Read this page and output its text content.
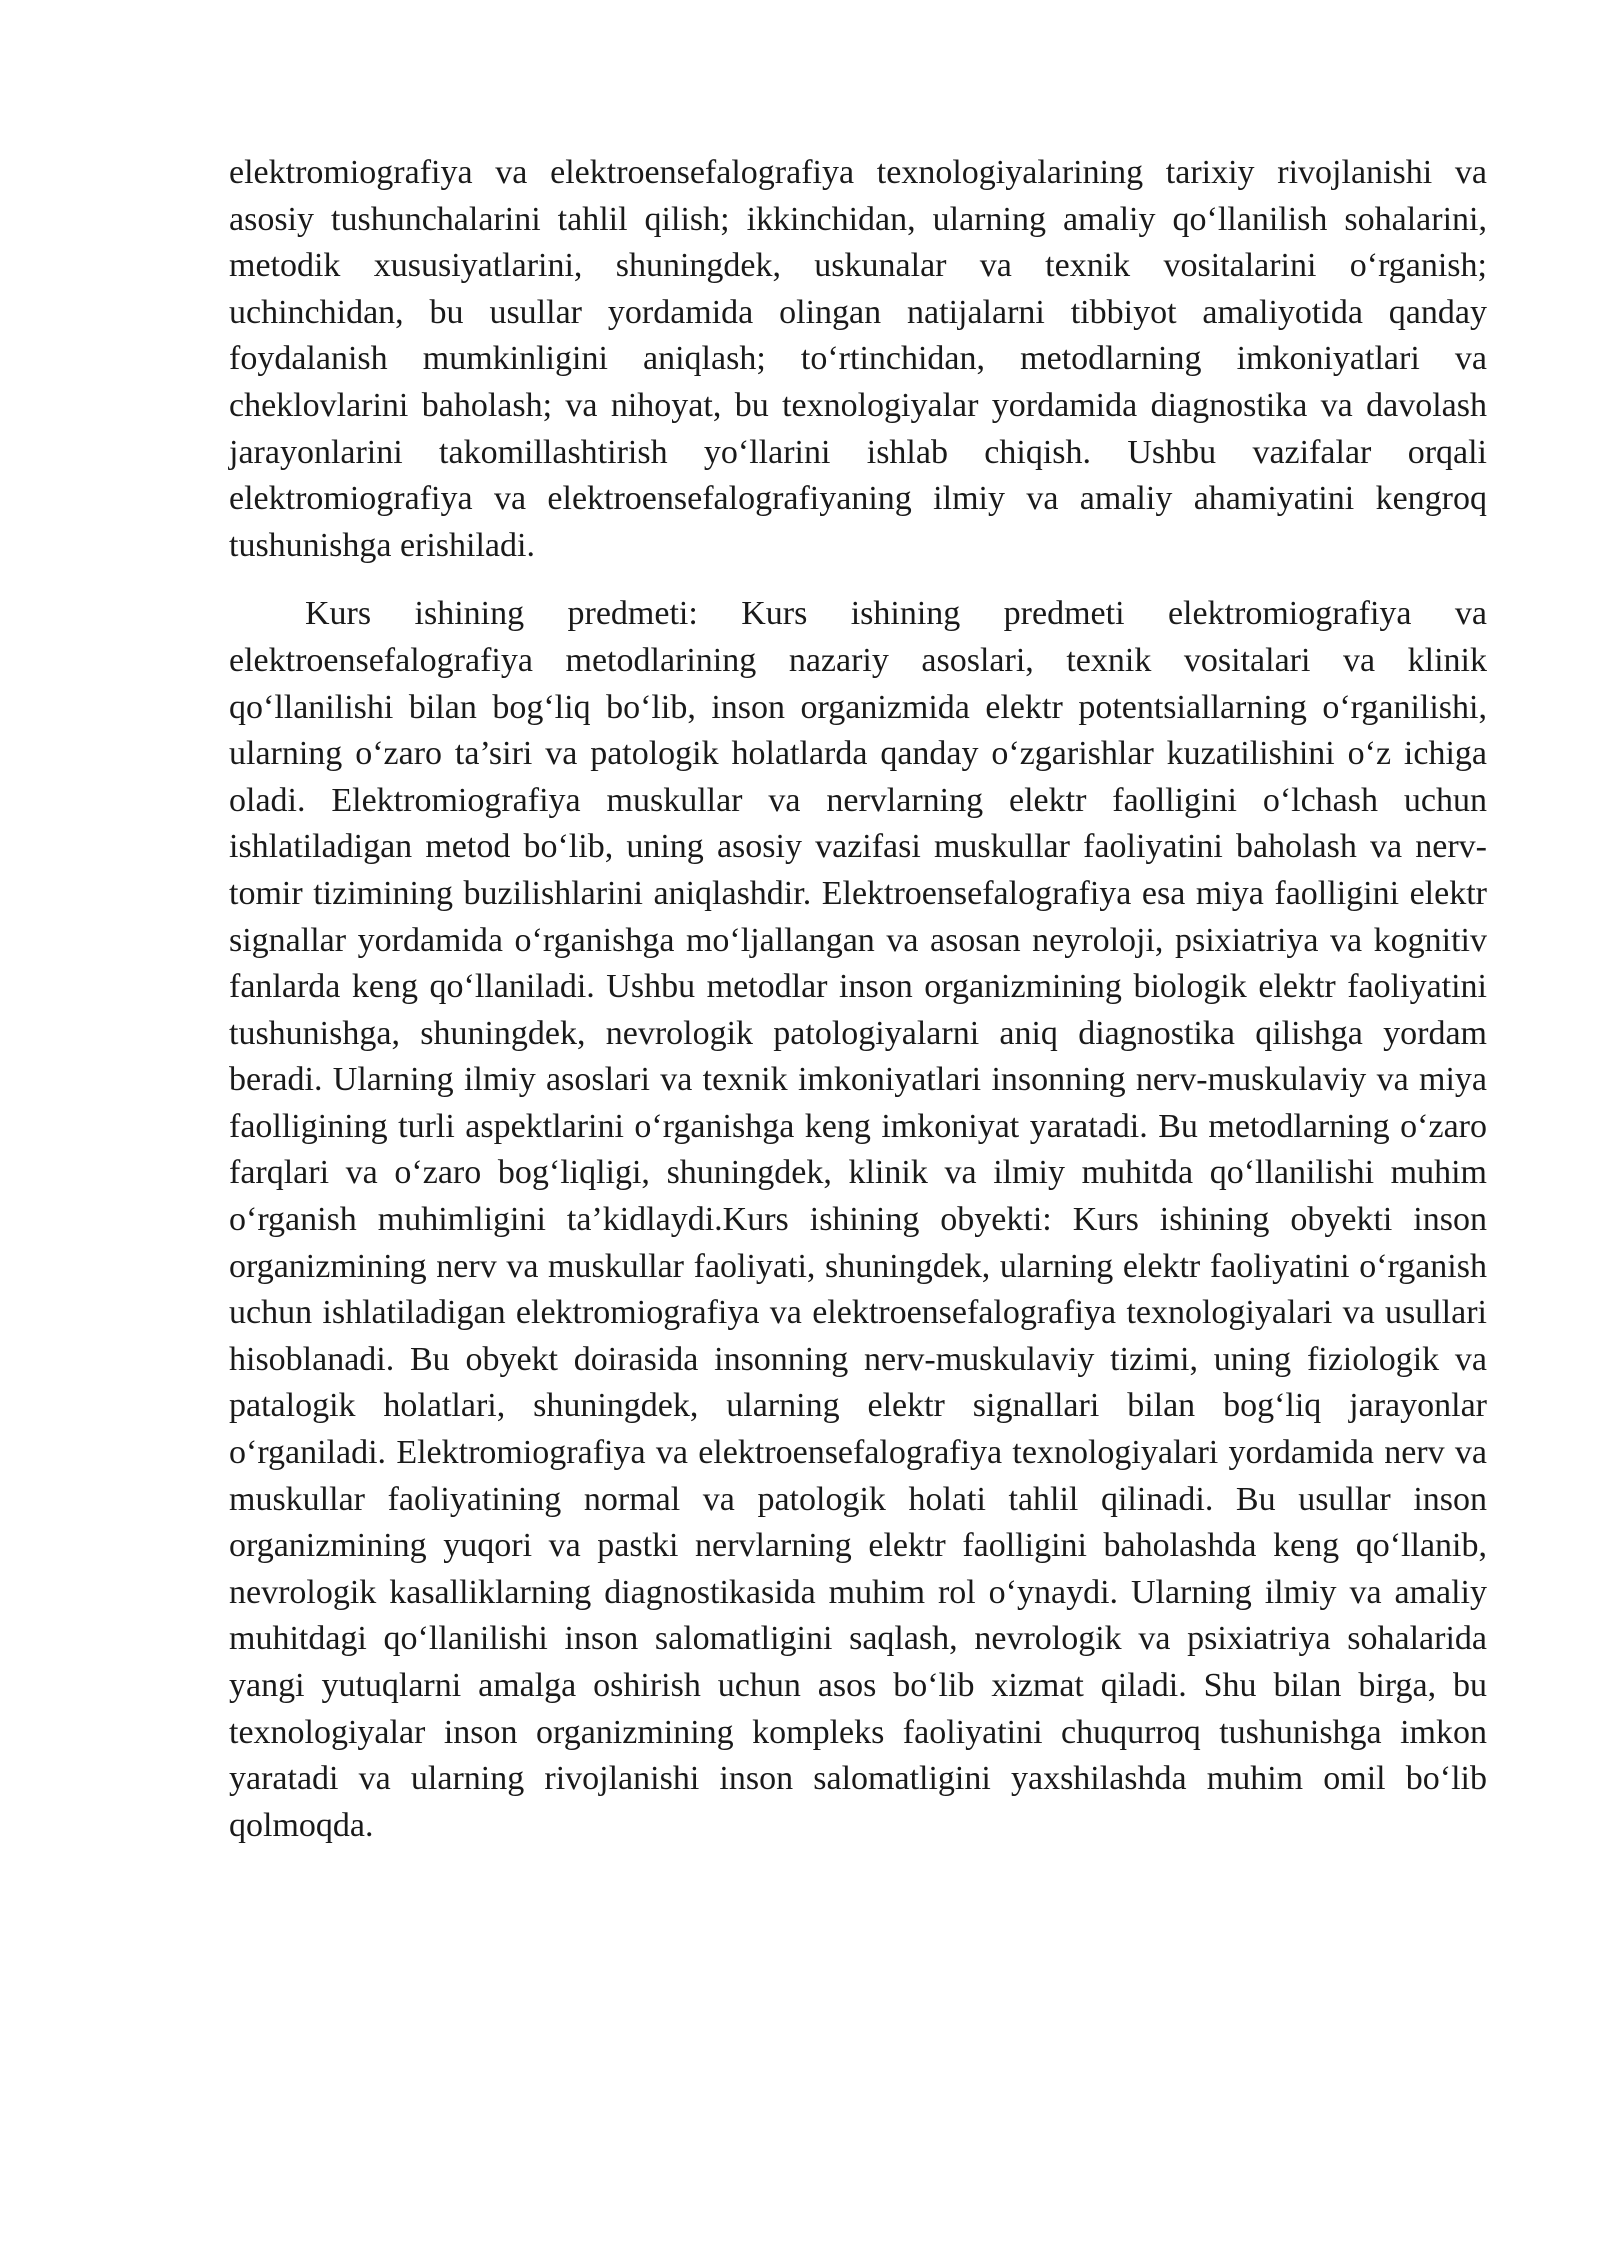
elektromiografiya va elektroensefalografiya texnologiyalarining tarixiy rivojlanishi va asosiy tushunchalarini tahlil qilish; ikkinchidan, ularning amaliy qo‘llanilish sohalarini, metodik xususiyatlarini, shuningdek, uskunalar va texnik vositalarini o‘rganish; uchinchidan, bu usullar yordamida olingan natijalarni tibbiyot amaliyotida qanday foydalanish mumkinligini aniqlash; to‘rtinchidan, metodlarning imkoniyatlari va cheklovlarini baholash; va nihoyat, bu texnologiyalar yordamida diagnostika va davolash jarayonlarini takomillashtirish yo‘llarini ishlab chiqish. Ushbu vazifalar orqali elektromiografiya va elektroensefalografiyaning ilmiy va amaliy ahamiyatini kengroq tushunishga erishiladi.

Kurs ishining predmeti: Kurs ishining predmeti elektromiografiya va elektroensefalografiya metodlarining nazariy asoslari, texnik vositalari va klinik qo‘llanilishi bilan bog‘liq bo‘lib, inson organizmida elektr potentsiallarning o‘rganilishi, ularning o‘zaro ta’siri va patologik holatlarda qanday o‘zgarishlar kuzatilishini o‘z ichiga oladi. Elektromiografiya muskullar va nervlarning elektr faolligini o‘lchash uchun ishlatiladigan metod bo‘lib, uning asosiy vazifasi muskullar faoliyatini baholash va nerv-tomir tizimining buzilishlarini aniqlashdir. Elektroensefalografiya esa miya faolligini elektr signallar yordamida o‘rganishga mo‘ljallangan va asosan neyroloji, psixiatriya va kognitiv fanlarda keng qo‘llaniladi. Ushbu metodlar inson organizmining biologik elektr faoliyatini tushunishga, shuningdek, nevrologik patologiyalarni aniq diagnostika qilishga yordam beradi. Ularning ilmiy asoslari va texnik imkoniyatlari insonning nerv-muskulaviy va miya faolligining turli aspektlarini o‘rganishga keng imkoniyat yaratadi. Bu metodlarning o‘zaro farqlari va o‘zaro bog‘liqligi, shuningdek, klinik va ilmiy muhitda qo‘llanilishi muhim o‘rganish muhimligini ta’kidlaydi.Kurs ishining obyekti: Kurs ishining obyekti inson organizmining nerv va muskullar faoliyati, shuningdek, ularning elektr faoliyatini o‘rganish uchun ishlatiladigan elektromiografiya va elektroensefalografiya texnologiyalari va usullari hisoblanadi. Bu obyekt doirasida insonning nerv-muskulaviy tizimi, uning fiziologik va patalogik holatlari, shuningdek, ularning elektr signallari bilan bog‘liq jarayonlar o‘rganiladi. Elektromiografiya va elektroensefalografiya texnologiyalari yordamida nerv va muskullar faoliyatining normal va patologik holati tahlil qilinadi. Bu usullar inson organizmining yuqori va pastki nervlarning elektr faolligini baholashda keng qo‘llanib, nevrologik kasalliklarning diagnostikasida muhim rol o‘ynaydi. Ularning ilmiy va amaliy muhitdagi qo‘llanilishi inson salomatligini saqlash, nevrologik va psixiatriya sohalarida yangi yutuqlarni amalga oshirish uchun asos bo‘lib xizmat qiladi. Shu bilan birga, bu texnologiyalar inson organizmining kompleks faoliyatini chuqurroq tushunishga imkon yaratadi va ularning rivojlanishi inson salomatligini yaxshilashda muhim omil bo‘lib qolmoqda.
